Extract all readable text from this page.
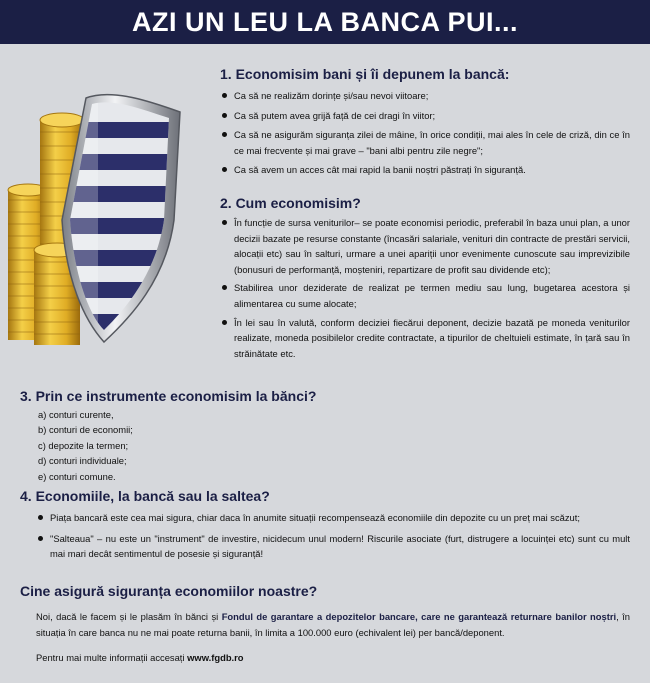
AZI UN LEU LA BANCA PUI...
1. Economisim bani și îi depunem la bancă:
Ca să ne realizăm dorințe și/sau nevoi viitoare;
Ca să putem avea grijă față de cei dragi în viitor;
Ca să ne asigurăm siguranța zilei de mâine, în orice condiții, mai ales în cele de criză, din ce în ce mai frecvente și mai grave – "bani albi pentru zile negre";
Ca să avem un acces cât mai rapid la banii noștri păstrați în siguranță.
2. Cum economisim?
În funcție de sursa veniturilor– se poate economisi periodic, preferabil în baza unui plan, a unor decizii bazate pe resurse constante (încasări salariale, venituri din contracte de prestări servicii, alocații etc) sau în salturi, urmare a unei apariții unor evenimente cunoscute sau imprevizibile (bonusuri de performanță, moșteniri, repartizare de profit sau dividende etc);
Stabilirea unor deziderate de realizat pe termen mediu sau lung, bugetarea acestora și alimentarea cu sume alocate;
În lei sau în valută, conform deciziei fiecărui deponent, decizie bazată pe moneda veniturilor realizate, moneda posibilelor credite contractate, a tipurilor de cheltuieli estimate, în țară sau în străinătate etc.
3. Prin ce instrumente economisim la bănci?
a) conturi curente,
b) conturi de economii;
c) depozite la termen;
d) conturi individuale;
e) conturi comune.
4. Economiile, la bancă sau la saltea?
Piața bancară este cea mai sigura, chiar daca în anumite situații recompensează economiile din depozite cu un preț mai scăzut;
"Salteaua" – nu este un "instrument" de investire, nicidecum unul modern! Riscurile asociate (furt, distrugere a locuinței etc) sunt cu mult mai mari decât sentimentul de posesie și siguranță!
Cine asigură siguranța economiilor noastre?
Noi, dacă le facem și le plasăm în bănci și Fondul de garantare a depozitelor bancare, care ne garantează returnare banilor noștri, în situația în care banca nu ne mai poate returna banii, în limita a 100.000 euro (echivalent lei) per bancă/deponent.
Pentru mai multe informații accesați www.fgdb.ro
